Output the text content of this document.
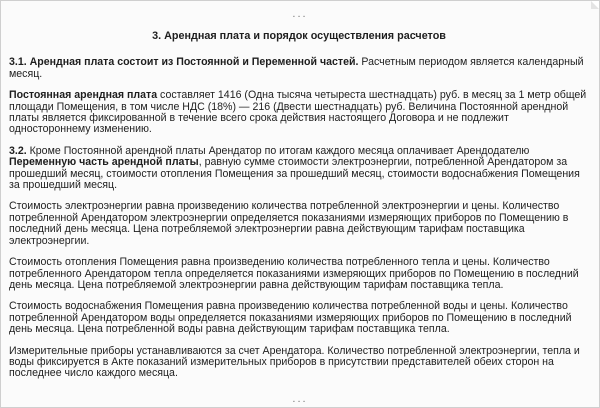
...
3. Арендная плата и порядок осуществления расчетов
3.1. Арендная плата состоит из Постоянной и Переменной частей. Расчетным периодом является календарный месяц.
Постоянная арендная плата составляет 1416 (Одна тысяча четыреста шестнадцать) руб. в месяц за 1 метр общей площади Помещения, в том числе НДС (18%) — 216 (Двести шестнадцать) руб. Величина Постоянной арендной платы является фиксированной в течение всего срока действия настоящего Договора и не подлежит одностороннему изменению.
3.2. Кроме Постоянной арендной платы Арендатор по итогам каждого месяца оплачивает Арендодателю Переменную часть арендной платы, равную сумме стоимости электроэнергии, потребленной Арендатором за прошедший месяц, стоимости отопления Помещения за прошедший месяц, стоимости водоснабжения Помещения за прошедший месяц.
Стоимость электроэнергии равна произведению количества потребленной электроэнергии и цены. Количество потребленной Арендатором электроэнергии определяется показаниями измеряющих приборов по Помещению в последний день месяца. Цена потребляемой электроэнергии равна действующим тарифам поставщика электроэнергии.
Стоимость отопления Помещения равна произведению количества потребленного тепла и цены. Количество потребленного Арендатором тепла определяется показаниями измеряющих приборов по Помещению в последний день месяца. Цена потребляемой электроэнергии равна действующим тарифам поставщика тепла.
Стоимость водоснабжения Помещения равна произведению количества потребленной воды и цены. Количество потребленной Арендатором воды определяется показаниями измеряющих приборов по Помещению в последний день месяца. Цена потребленной воды равна действующим тарифам поставщика тепла.
Измерительные приборы устанавливаются за счет Арендатора. Количество потребленной электроэнергии, тепла и воды фиксируется в Акте показаний измерительных приборов в присутствии представителей обеих сторон на последнее число каждого месяца.
...
